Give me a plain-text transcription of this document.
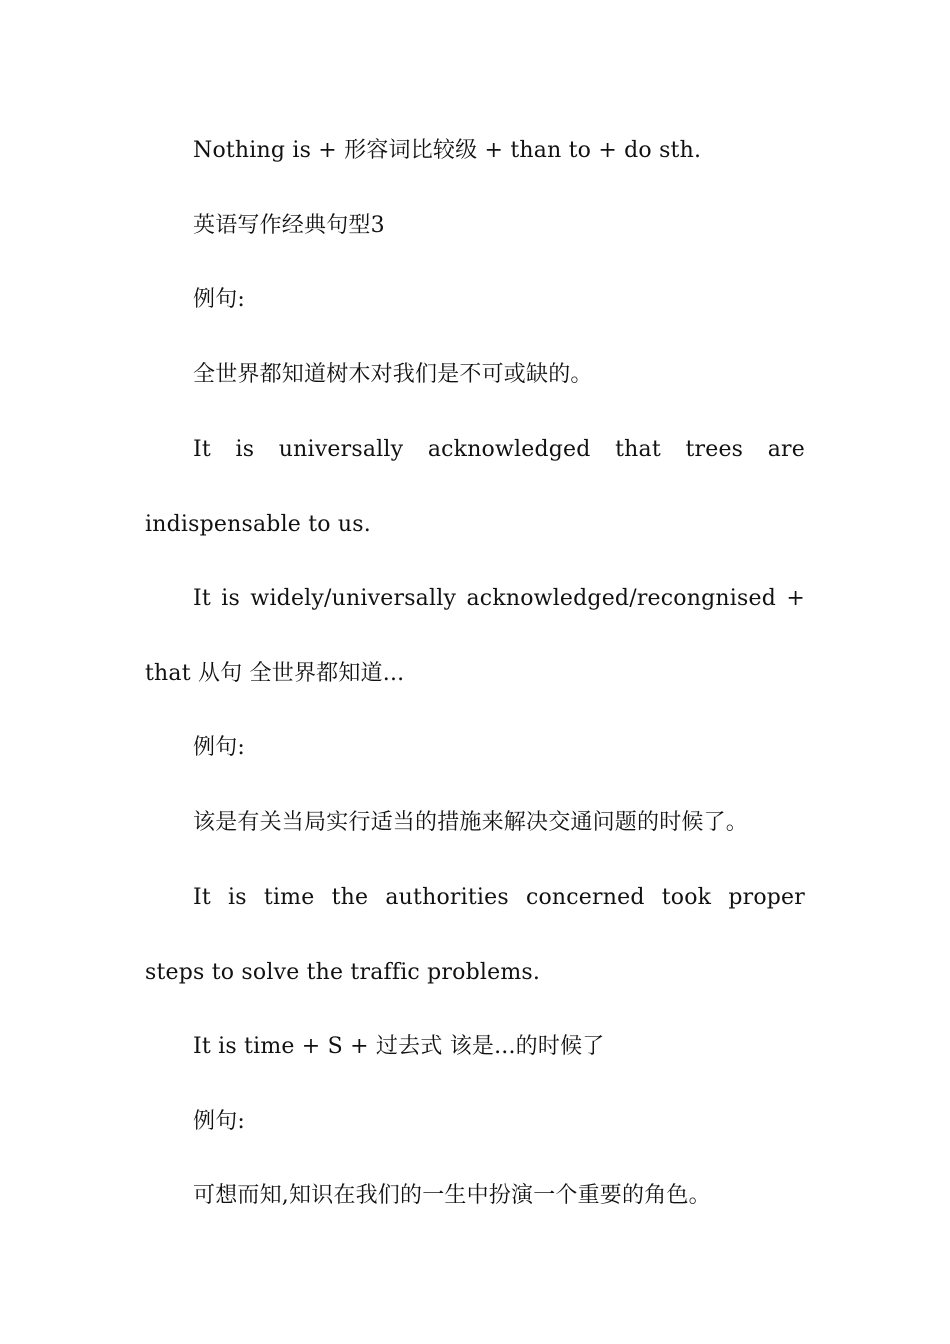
Nothing is + 形容词比较级 + than to + do sth.

英语写作经典句型3

例句:

全世界都知道树木对我们是不可或缺的。

It is universally acknowledged that trees are

indispensable to us.

It is widely/universally acknowledged/recongnised +

that 从句 全世界都知道...

例句:

该是有关当局实行适当的措施来解决交通问题的时候了。

It is time the authorities concerned took proper

steps to solve the traffic problems.

It is time + S + 过去式 该是...的时候了

例句:

可想而知,知识在我们的一生中扮演一个重要的角色。
